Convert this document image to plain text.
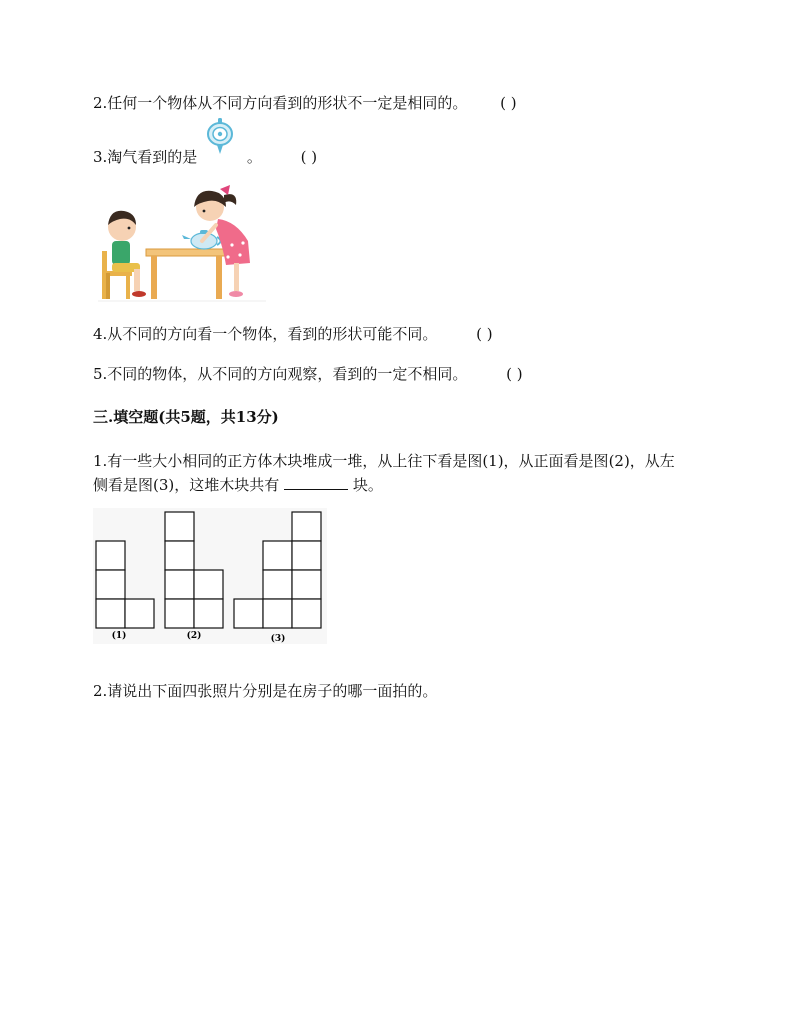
2.任何一个物体从不同方向看到的形状不一定是相同的。 ( )
3.淘气看到的是	。	( )
4.从不同的方向看一个物体，看到的形状可能不同。	( )
5.不同的物体，从不同的方向观察，看到的一定不相同。	( )
三.填空题(共5题，共13分)
1.有一些大小相同的正方体木块堆成一堆，从上往下看是图(1)，从正面看是图(2)，从左
侧看是图(3)，这堆木块共有	块。
(1)	(2)	(3)
2.请说出下面四张照片分别是在房子的哪一面拍的。
